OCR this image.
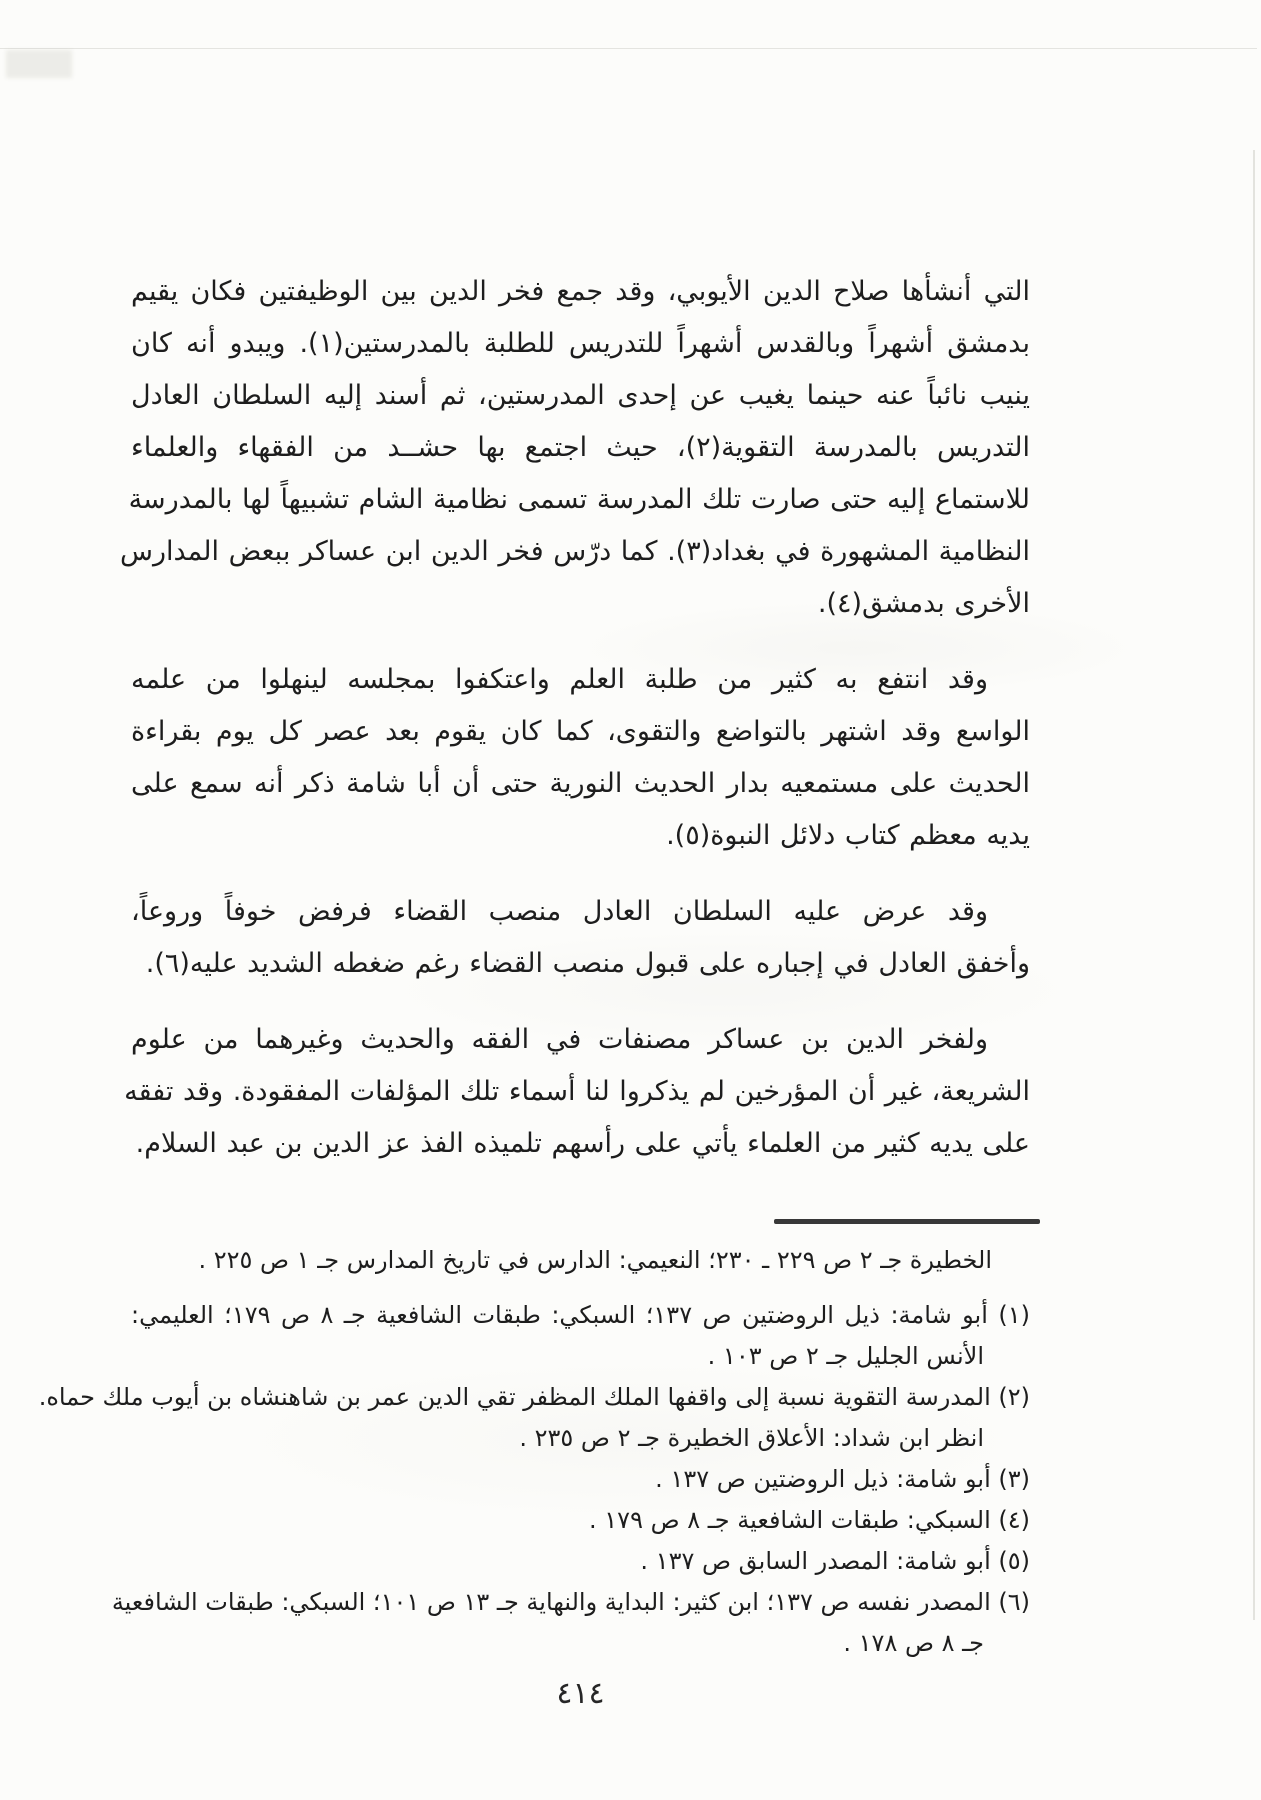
التي أنشأها صلاح الدين الأيوبي، وقد جمع فخر الدين بين الوظيفتين فكان يقيم
بدمشق أشهراً وبالقدس أشهراً للتدريس للطلبة بالمدرستين(١). ويبدو أنه كان
ينيب نائباً عنه حينما يغيب عن إحدى المدرستين، ثم أسند إليه السلطان العادل
التدريس بالمدرسة التقوية(٢)، حيث اجتمع بها حشــد من الفقهاء والعلماء
للاستماع إليه حتى صارت تلك المدرسة تسمى نظامية الشام تشبيهاً لها بالمدرسة
النظامية المشهورة في بغداد(٣). كما درّس فخر الدين ابن عساكر ببعض المدارس
الأخرى بدمشق(٤).

وقد انتفع به كثير من طلبة العلم واعتكفوا بمجلسه لينهلوا من علمه
الواسع وقد اشتهر بالتواضع والتقوى، كما كان يقوم بعد عصر كل يوم بقراءة
الحديث على مستمعيه بدار الحديث النورية حتى أن أبا شامة ذكر أنه سمع على
يديه معظم كتاب دلائل النبوة(٥).

وقد عرض عليه السلطان العادل منصب القضاء فرفض خوفاً وروعاً،
وأخفق العادل في إجباره على قبول منصب القضاء رغم ضغطه الشديد عليه(٦).

ولفخر الدين بن عساكر مصنفات في الفقه والحديث وغيرهما من علوم
الشريعة، غير أن المؤرخين لم يذكروا لنا أسماء تلك المؤلفات المفقودة. وقد تفقه
على يديه كثير من العلماء يأتي على رأسهم تلميذه الفذ عز الدين بن عبد السلام.

الخطيرة جـ ٢ ص ٢٢٩ ـ ٢٣٠؛ النعيمي: الدارس في تاريخ المدارس جـ ١ ص ٢٢٥ .
(١) أبو شامة: ذيل الروضتين ص ١٣٧؛ السبكي: طبقات الشافعية جـ ٨ ص ١٧٩؛ العليمي:
الأنس الجليل جـ ٢ ص ١٠٣ .
(٢) المدرسة التقوية نسبة إلى واقفها الملك المظفر تقي الدين عمر بن شاهنشاه بن أيوب ملك حماه.
انظر ابن شداد: الأعلاق الخطيرة جـ ٢ ص ٢٣٥ .
(٣) أبو شامة: ذيل الروضتين ص ١٣٧ .
(٤) السبكي: طبقات الشافعية جـ ٨ ص ١٧٩ .
(٥) أبو شامة: المصدر السابق ص ١٣٧ .
(٦) المصدر نفسه ص ١٣٧؛ ابن كثير: البداية والنهاية جـ ١٣ ص ١٠١؛ السبكي: طبقات الشافعية
جـ ٨ ص ١٧٨ .
٤١٤
